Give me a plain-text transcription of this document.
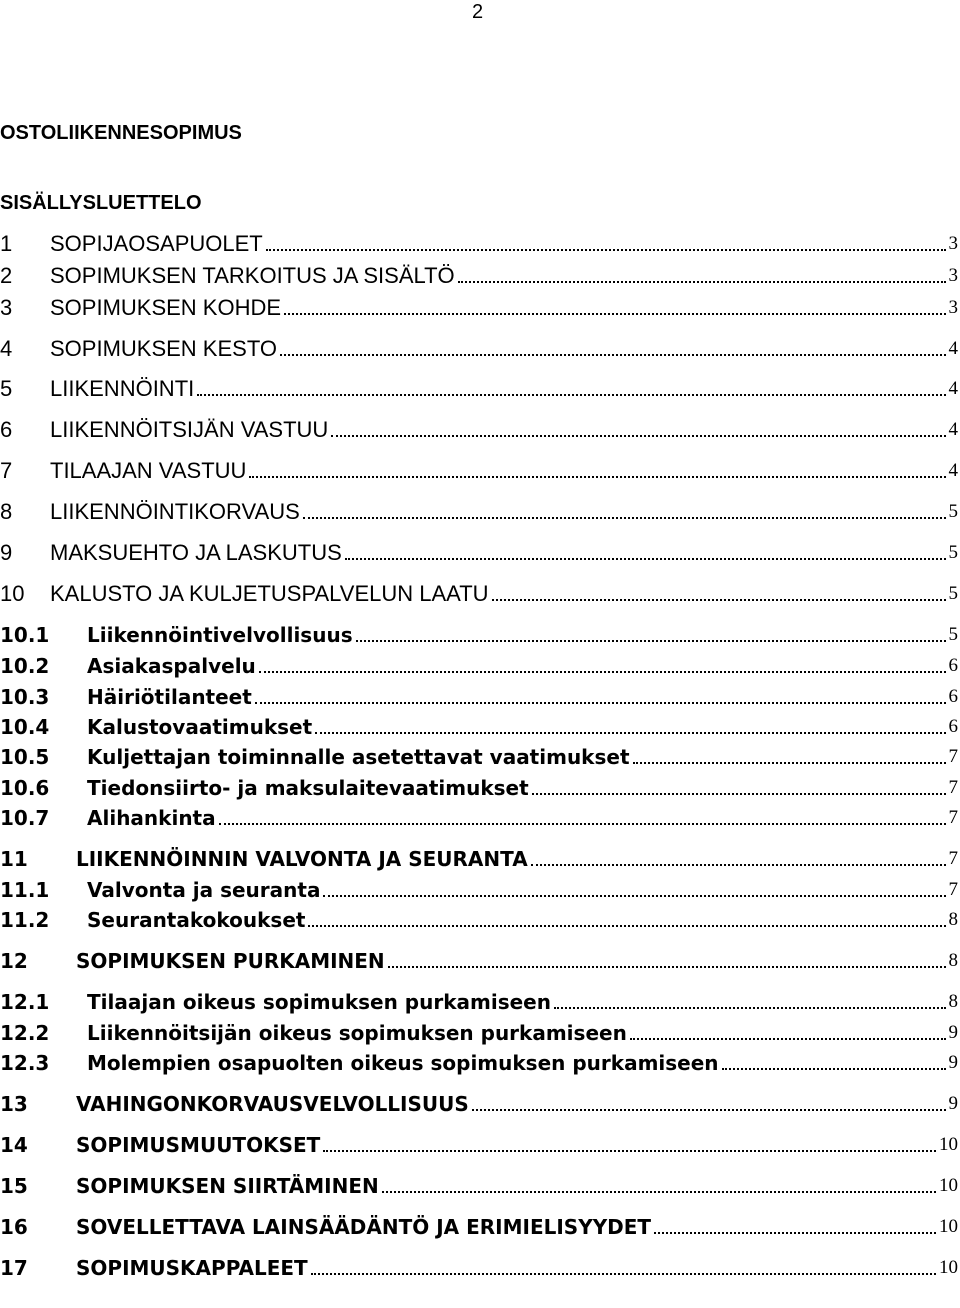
2
OSTOLIIKENNESOPIMUS
SISÄLLYSLUETTELO
1	SOPIJAOSAPUOLET	3
2	SOPIMUKSEN TARKOITUS JA SISÄLTÖ	3
3	SOPIMUKSEN KOHDE	3
4	SOPIMUKSEN KESTO	4
5	LIIKENNÖINTI	4
6	LIIKENNÖITSIJÄN VASTUU	4
7	TILAAJAN VASTUU	4
8	LIIKENNÖINTIKORVAUS	5
9	MAKSUEHTO JA LASKUTUS	5
10	KALUSTO JA KULJETUSPALVELUN LAATU	5
10.1	Liikennöintivelvollisuus	5
10.2	Asiakaspalvelu	6
10.3	Häiriötilanteet	6
10.4	Kalustovaatimukset	6
10.5	Kuljettajan toiminnalle asetettavat vaatimukset	7
10.6	Tiedonsiirto- ja maksulaitevaatimukset	7
10.7	Alihankinta	7
11	LIIKENNÖINNIN VALVONTA JA SEURANTA	7
11.1	Valvonta ja seuranta	7
11.2	Seurantakokoukset	8
12	SOPIMUKSEN PURKAMINEN	8
12.1	Tilaajan oikeus sopimuksen purkamiseen	8
12.2	Liikennöitsijän oikeus sopimuksen purkamiseen	9
12.3	Molempien osapuolten oikeus sopimuksen purkamiseen	9
13	VAHINGONKORVAUSVELVOLLISUUS	9
14	SOPIMUSMUUTOKSET	10
15	SOPIMUKSEN SIIRTÄMINEN	10
16	SOVELLETTAVA LAINSÄÄDÄNTÖ JA ERIMIELISYYDET	10
17	SOPIMUSKAPPALEET	10
